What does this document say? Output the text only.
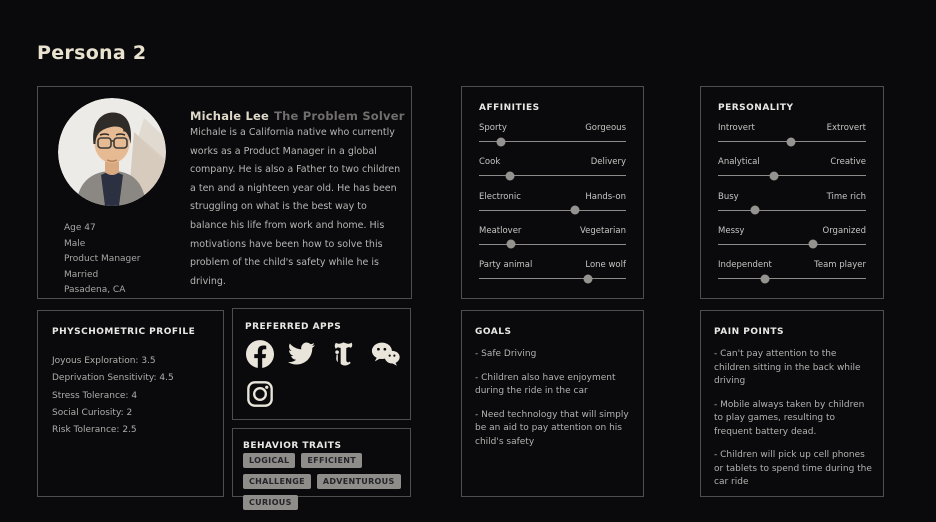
Persona 2
Age 47
Male
Product Manager
Married
Pasadena, CA
Michale Lee The Problem Solver

Michale is a California native who currently works as a Product Manager in a global company. He is also a Father to two children a ten and a nighteen year old. He has been struggling on what is the best way to balance his life from work and home. His motivations have been how to solve this problem of the child's safety while he is driving.

PHYSCHOMETRIC PROFILE
Joyous Exploration: 3.5
Deprivation Sensitivity: 4.5
Stress Tolerance: 4
Social Curiosity: 2
Risk Tolerance: 2.5
PREFERRED APPS
BEHAVIOR TRAITS
LOGICAL	EFFICIENT
CHALLENGE	ADVENTUROUS
CURIOUS
AFFINITIES
Sporty	Gorgeous
Cook	Delivery
Electronic	Hands-on
Meatlover	Vegetarian
Party animal	Lone wolf
PERSONALITY
Introvert	Extrovert
Analytical	Creative
Busy	Time rich
Messy	Organized
Independent	Team player
GOALS

- Safe Driving

- Children also have enjoyment during the ride in the car

- Need technology that will simply be an aid to pay attention on his child's safety

PAIN POINTS

- Can't pay attention to the children sitting in the back while driving

- Mobile always taken by children to play games, resulting to frequent battery dead.

- Children will pick up cell phones or tablets to spend time during the car ride
